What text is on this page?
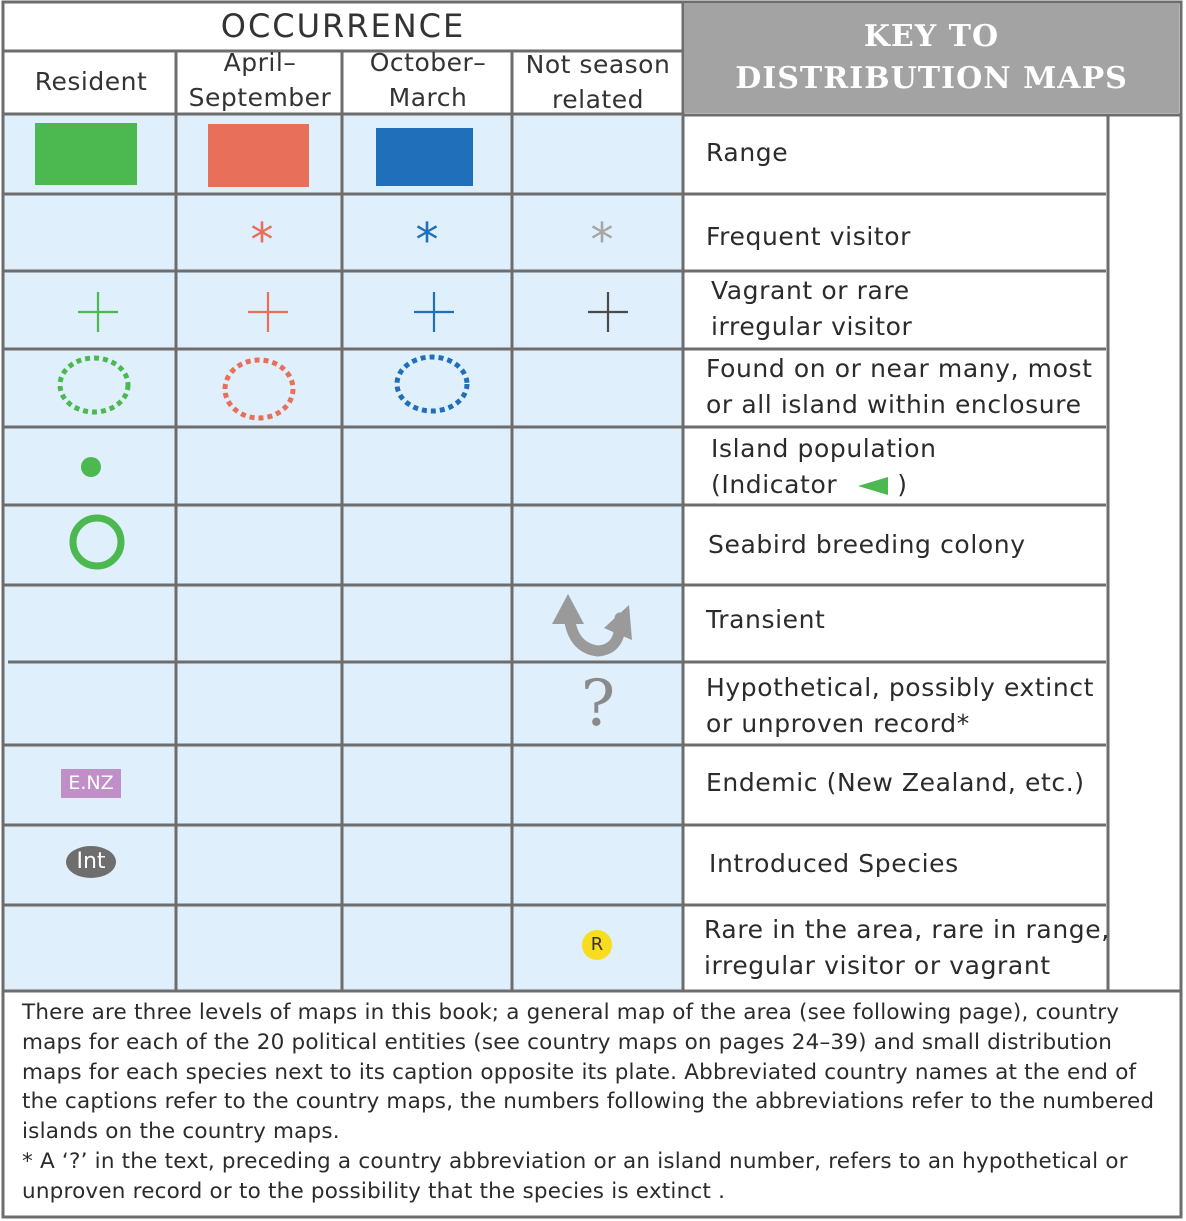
OCCURRENCE
Resident
April–
September
October–
March
Not season
related
KEY TO
DISTRIBUTION MAPS
*	*	*
?
E.NZ
Int
R
Range
Frequent visitor
Vagrant or rare
irregular visitor
Found on or near many, most
or all island within enclosure
Island population
(Indicator )
Seabird breeding colony
Transient
Hypothetical, possibly extinct
or unproven record*
Endemic (New Zealand, etc.)
Introduced Species
Rare in the area, rare in range,
irregular visitor or vagrant

There are three levels of maps in this book; a general map of the area (see following page), country maps for each of the 20 political entities (see country maps on pages 24–39) and small distribution maps for each species next to its caption opposite its plate. Abbreviated country names at the end of the captions refer to the country maps, the numbers following the abbreviations refer to the numbered islands on the country maps.

* A ‘?’ in the text, preceding a country abbreviation or an island number, refers to an hypothetical or unproven record or to the possibility that the species is extinct .
